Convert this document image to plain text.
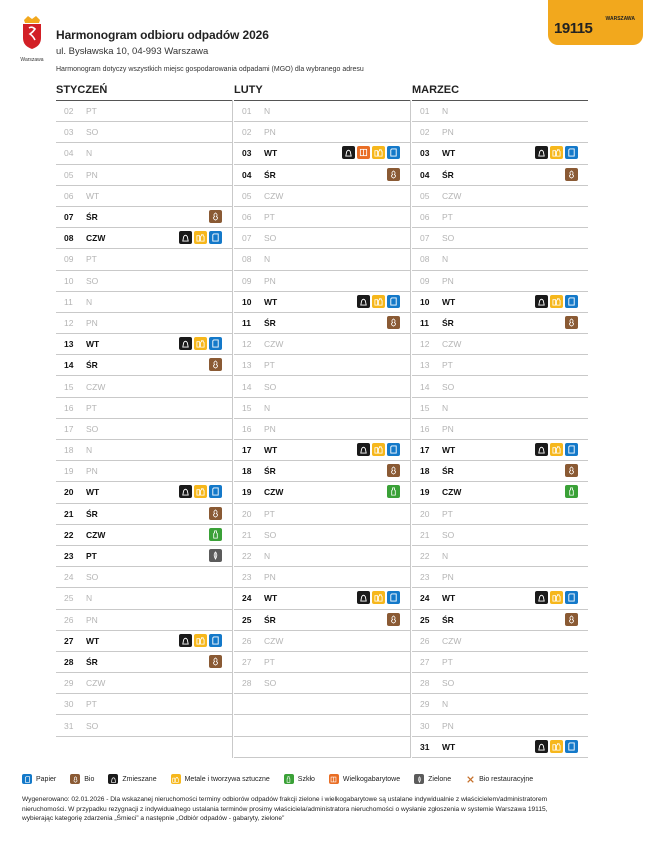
Warszawa
Harmonogram odbioru odpadów 2026
ul. Bysławska 10, 04-993 Warszawa
Harmonogram dotyczy wszystkich miejsc gospodarowania odpadami (MGO) dla wybranego adresu
WARSZAWA
19115
STYCZEŃ
02	PT
03	SO
04	N
05	PN
06	WT
07	ŚR
08	CZW
09	PT
10	SO
11	N
12	PN
13	WT
14	ŚR
15	CZW
16	PT
17	SO
18	N
19	PN
20	WT
21	ŚR
22	CZW
23	PT
24	SO
25	N
26	PN
27	WT
28	ŚR
29	CZW
30	PT
31	SO
LUTY
01	N
02	PN
03	WT
04	ŚR
05	CZW
06	PT
07	SO
08	N
09	PN
10	WT
11	ŚR
12	CZW
13	PT
14	SO
15	N
16	PN
17	WT
18	ŚR
19	CZW
20	PT
21	SO
22	N
23	PN
24	WT
25	ŚR
26	CZW
27	PT
28	SO
MARZEC
01	N
02	PN
03	WT
04	ŚR
05	CZW
06	PT
07	SO
08	N
09	PN
10	WT
11	ŚR
12	CZW
13	PT
14	SO
15	N
16	PN
17	WT
18	ŚR
19	CZW
20	PT
21	SO
22	N
23	PN
24	WT
25	ŚR
26	CZW
27	PT
28	SO
29	N
30	PN
31	WT
Papier	Bio	Zmieszane	Metale i tworzywa sztuczne	Szkło	Wielkogabarytowe	Zielone	Bio restauracyjne
Wygenerowano: 02.01.2026 - Dla wskazanej nieruchomości terminy odbiorów odpadów frakcji zielone i wielkogabarytowe są ustalane indywidualnie z właścicielem/administratorem
nieruchomości. W przypadku rezygnacji z indywidualnego ustalania terminów prosimy właściciela/administratora nieruchomości o wysłanie zgłoszenia w systemie Warszawa 19115,
wybierając kategorię zdarzenia „Śmieci” a następnie „Odbiór odpadów - gabaryty, zielone”
